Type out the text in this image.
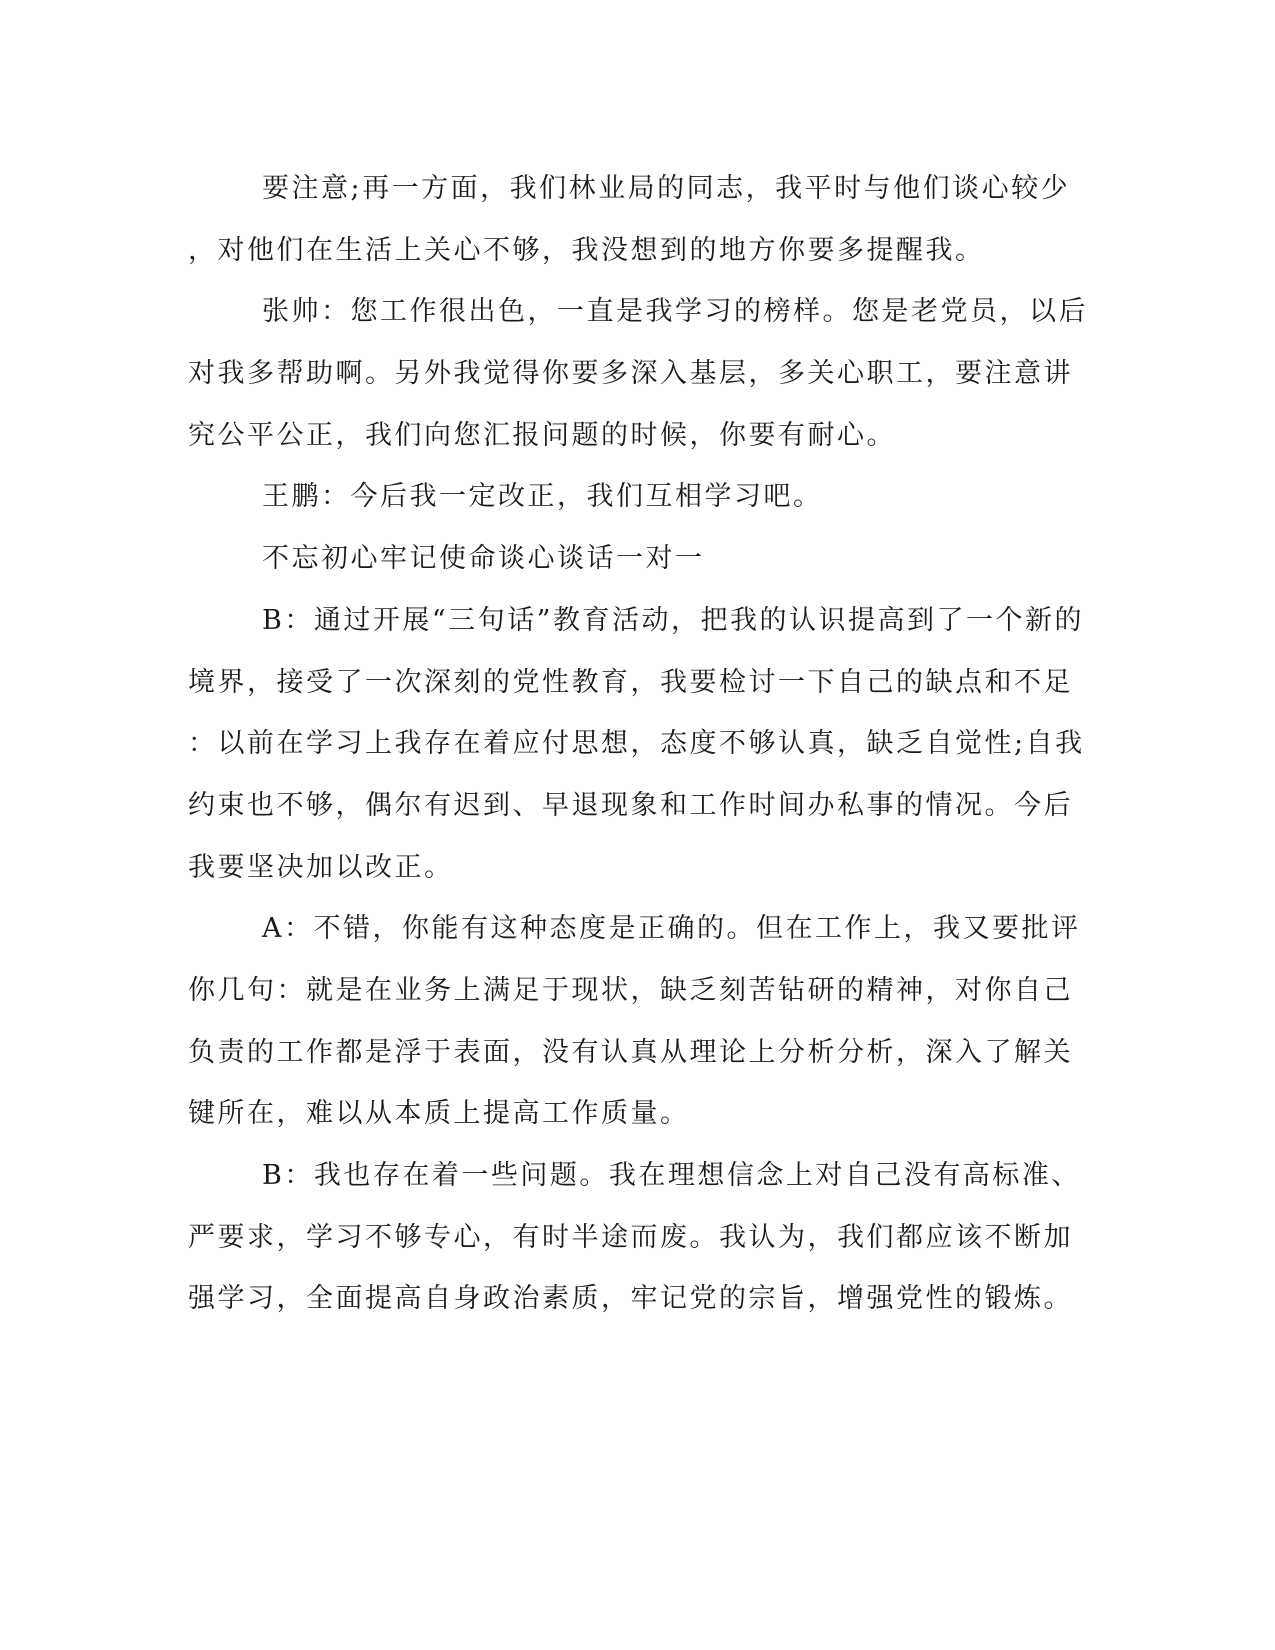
要注意;再一方面，我们林业局的同志，我平时与他们谈心较少
，对他们在生活上关心不够，我没想到的地方你要多提醒我。
张帅：您工作很出色，一直是我学习的榜样。您是老党员，以后
对我多帮助啊。另外我觉得你要多深入基层，多关心职工，要注意讲
究公平公正，我们向您汇报问题的时候，你要有耐心。
王鹏：今后我一定改正，我们互相学习吧。
不忘初心牢记使命谈心谈话一对一
B：通过开展“三句话”教育活动，把我的认识提高到了一个新的
境界，接受了一次深刻的党性教育，我要检讨一下自己的缺点和不足
：以前在学习上我存在着应付思想，态度不够认真，缺乏自觉性;自我
约束也不够，偶尔有迟到、早退现象和工作时间办私事的情况。今后
我要坚决加以改正。
A：不错，你能有这种态度是正确的。但在工作上，我又要批评
你几句：就是在业务上满足于现状，缺乏刻苦钻研的精神，对你自己
负责的工作都是浮于表面，没有认真从理论上分析分析，深入了解关
键所在，难以从本质上提高工作质量。
B：我也存在着一些问题。我在理想信念上对自己没有高标准、
严要求，学习不够专心，有时半途而废。我认为，我们都应该不断加
强学习，全面提高自身政治素质，牢记党的宗旨，增强党性的锻炼。
